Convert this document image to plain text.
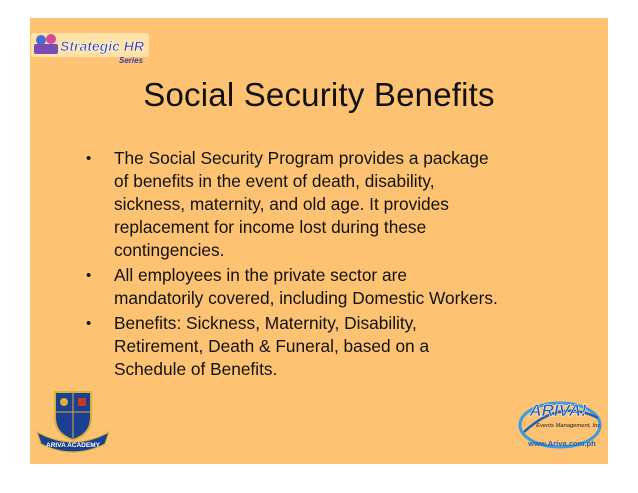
Strategic HR
Series
Social Security Benefits
•	The Social Security Program provides a package
of benefits in the event of death, disability,
sickness, maternity, and old age. It provides
replacement for income lost during these
contingencies.
•	All employees in the private sector are
mandatorily covered, including Domestic Workers.
•	Benefits: Sickness, Maternity, Disability,
Retirement, Death & Funeral, based on a
Schedule of Benefits.
ARIVA ACADEMY
ARIVA!
Events Management, Inc.
www.Ariva.com.ph
